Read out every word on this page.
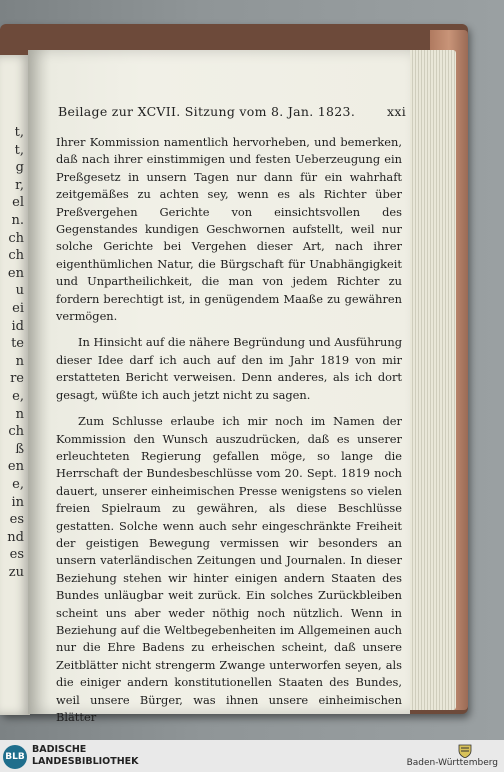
t,
t,
g
r,
el
n.
ch
ch
en
u
ei
id
te
n
re
e,
n
ch
ß
en
e,
in
es
nd
es
zu
Beilage zur XCVII. Sitzung vom 8. Jan. 1823.	xxi

Ihrer Kommission namentlich hervorheben, und bemerken, daß nach ihrer einstimmigen und festen Ueberzeugung ein Preßgesetz in unsern Tagen nur dann für ein wahrhaft zeitgemäßes zu achten sey, wenn es als Richter über Preßvergehen Gerichte von einsichtsvollen des Gegenstandes kundigen Geschwornen aufstellt, weil nur solche Gerichte bei Vergehen dieser Art, nach ihrer eigenthümlichen Natur, die Bürgschaft für Unabhängigkeit und Unpartheilichkeit, die man von jedem Richter zu fordern berechtigt ist, in genügendem Maaße zu gewähren vermögen.

In Hinsicht auf die nähere Begründung und Ausführung dieser Idee darf ich auch auf den im Jahr 1819 von mir erstatteten Bericht verweisen. Denn anderes, als ich dort gesagt, wüßte ich auch jetzt nicht zu sagen.

Zum Schlusse erlaube ich mir noch im Namen der Kommission den Wunsch auszudrücken, daß es unserer erleuchteten Regierung gefallen möge, so lange die Herrschaft der Bundesbeschlüsse vom 20. Sept. 1819 noch dauert, unserer einheimischen Presse wenigstens so vielen freien Spielraum zu gewähren, als diese Beschlüsse gestatten. Solche wenn auch sehr eingeschränkte Freiheit der geistigen Bewegung vermissen wir besonders an unsern vaterländischen Zeitungen und Journalen. In dieser Beziehung stehen wir hinter einigen andern Staaten des Bundes unläugbar weit zurück. Ein solches Zurückbleiben scheint uns aber weder nöthig noch nützlich. Wenn in Beziehung auf die Weltbegebenheiten im Allgemeinen auch nur die Ehre Badens zu erheischen scheint, daß unsere Zeitblätter nicht strengerm Zwange unterworfen seyen, als die einiger andern konstitutionellen Staaten des Bundes, weil unsere Bürger, was ihnen unsere einheimischen Blätter

BLB
BADISCHE
LANDESBIBLIOTHEK	Baden-Württemberg
